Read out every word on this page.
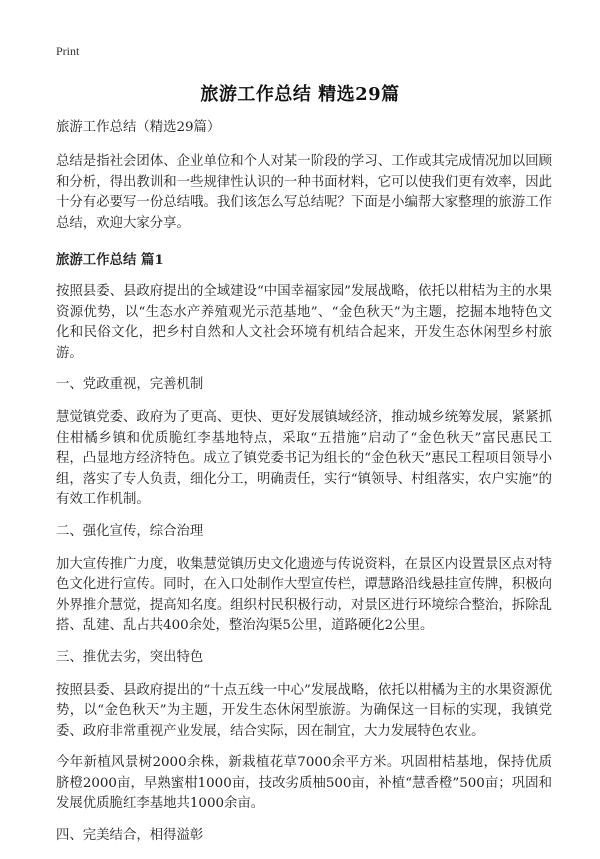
Print
旅游工作总结 精选29篇
旅游工作总结（精选29篇）

总结是指社会团体、企业单位和个人对某一阶段的学习、工作或其完成情况加以回顾和分析，得出教训和一些规律性认识的一种书面材料，它可以使我们更有效率，因此十分有必要写一份总结哦。我们该怎么写总结呢？下面是小编帮大家整理的旅游工作总结，欢迎大家分享。

旅游工作总结 篇1

按照县委、县政府提出的全域建设“中国幸福家园”发展战略，依托以柑桔为主的水果资源优势，以“生态水产养殖观光示范基地”、“金色秋天”为主题，挖掘本地特色文化和民俗文化，把乡村自然和人文社会环境有机结合起来，开发生态休闲型乡村旅游。

一、党政重视，完善机制

慧觉镇党委、政府为了更高、更快、更好发展镇域经济，推动城乡统筹发展，紧紧抓住柑橘乡镇和优质脆红李基地特点，采取“五措施”启动了“金色秋天”富民惠民工程，凸显地方经济特色。成立了镇党委书记为组长的“金色秋天”惠民工程项目领导小组，落实了专人负责，细化分工，明确责任，实行“镇领导、村组落实，农户实施”的有效工作机制。

二、强化宣传，综合治理

加大宣传推广力度，收集慧觉镇历史文化遗迹与传说资料，在景区内设置景区点对特色文化进行宣传。同时，在入口处制作大型宣传栏，谭慧路沿线悬挂宣传牌，积极向外界推介慧觉，提高知名度。组织村民积极行动，对景区进行环境综合整治，拆除乱搭、乱建、乱占共400余处，整治沟渠5公里，道路硬化2公里。

三、推优去劣，突出特色

按照县委、县政府提出的“十点五线一中心”发展战略，依托以柑橘为主的水果资源优势，以“金色秋天”为主题，开发生态休闲型旅游。为确保这一目标的实现，我镇党委、政府非常重视产业发展，结合实际，因在制宜，大力发展特色农业。

今年新植风景树2000余株，新栽植花草7000余平方米。巩固柑桔基地，保持优质脐橙2000亩，早熟蜜柑1000亩，技改劣质柚500亩，补植“慧香橙”500亩；巩固和发展优质脆红李基地共1000余亩。

四、完美结合，相得溢彰
